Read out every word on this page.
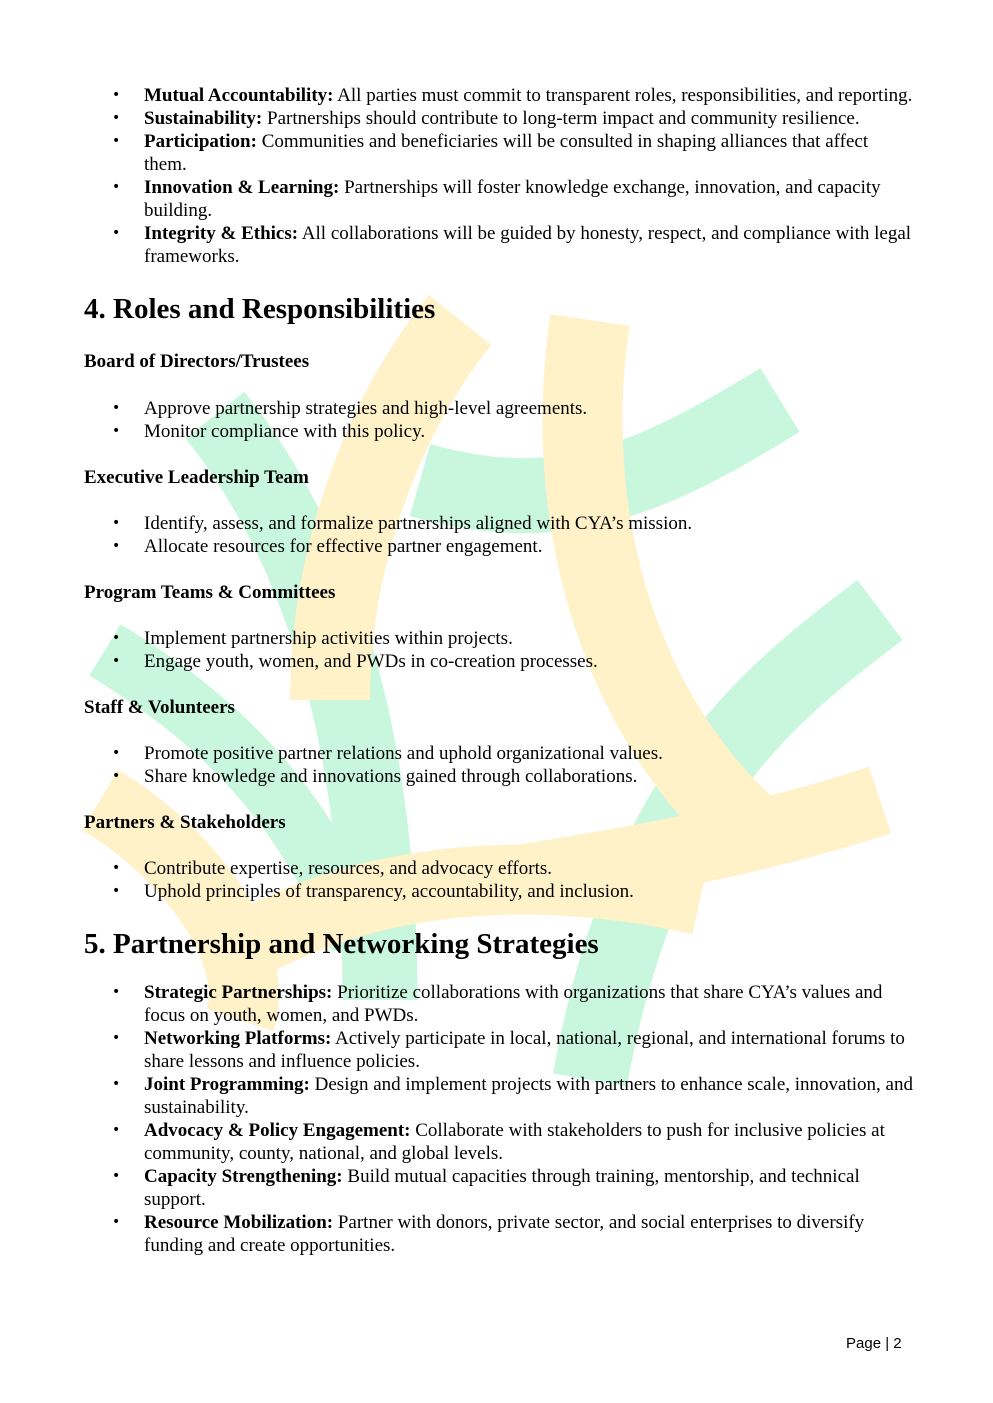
• Mutual Accountability: All parties must commit to transparent roles, responsibilities, and reporting.
• Sustainability: Partnerships should contribute to long-term impact and community resilience.
• Participation: Communities and beneficiaries will be consulted in shaping alliances that affect them.
• Innovation & Learning: Partnerships will foster knowledge exchange, innovation, and capacity building.
• Integrity & Ethics: All collaborations will be guided by honesty, respect, and compliance with legal frameworks.
4. Roles and Responsibilities
Board of Directors/Trustees
• Approve partnership strategies and high-level agreements.
• Monitor compliance with this policy.
Executive Leadership Team
• Identify, assess, and formalize partnerships aligned with CYA’s mission.
• Allocate resources for effective partner engagement.
Program Teams & Committees
• Implement partnership activities within projects.
• Engage youth, women, and PWDs in co-creation processes.
Staff & Volunteers
• Promote positive partner relations and uphold organizational values.
• Share knowledge and innovations gained through collaborations.
Partners & Stakeholders
• Contribute expertise, resources, and advocacy efforts.
• Uphold principles of transparency, accountability, and inclusion.
5. Partnership and Networking Strategies
• Strategic Partnerships: Prioritize collaborations with organizations that share CYA’s values and focus on youth, women, and PWDs.
• Networking Platforms: Actively participate in local, national, regional, and international forums to share lessons and influence policies.
• Joint Programming: Design and implement projects with partners to enhance scale, innovation, and sustainability.
• Advocacy & Policy Engagement: Collaborate with stakeholders to push for inclusive policies at community, county, national, and global levels.
• Capacity Strengthening: Build mutual capacities through training, mentorship, and technical support.
• Resource Mobilization: Partner with donors, private sector, and social enterprises to diversify funding and create opportunities.
Page | 2
